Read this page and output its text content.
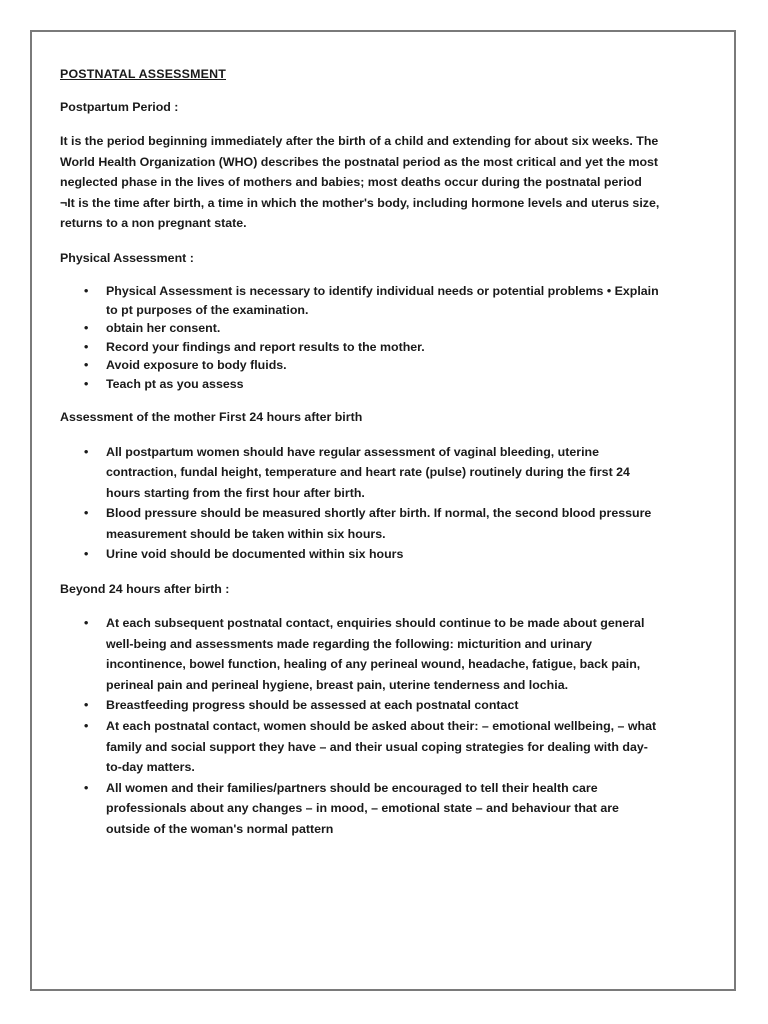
POSTNATAL ASSESSMENT
Postpartum Period :

It is the period beginning immediately after the birth of a child and extending for about six weeks. The World Health Organization (WHO) describes the postnatal period as the most critical and yet the most neglected phase in the lives of mothers and babies; most deaths occur during the postnatal period ¬It is the time after birth, a time in which the mother's body, including hormone levels and uterus size, returns to a non pregnant state.

Physical Assessment :
• Physical Assessment is necessary to identify individual needs or potential problems • Explain to pt purposes of the examination.
• obtain her consent.
• Record your findings and report results to the mother.
• Avoid exposure to body fluids.
• Teach pt as you assess
Assessment of the mother First 24 hours after birth
• All postpartum women should have regular assessment of vaginal bleeding, uterine contraction, fundal height, temperature and heart rate (pulse) routinely during the first 24 hours starting from the first hour after birth.
• Blood pressure should be measured shortly after birth. If normal, the second blood pressure measurement should be taken within six hours.
• Urine void should be documented within six hours
Beyond 24 hours after birth :
• At each subsequent postnatal contact, enquiries should continue to be made about general well-being and assessments made regarding the following: micturition and urinary incontinence, bowel function, healing of any perineal wound, headache, fatigue, back pain, perineal pain and perineal hygiene, breast pain, uterine tenderness and lochia.
• Breastfeeding progress should be assessed at each postnatal contact
• At each postnatal contact, women should be asked about their: – emotional wellbeing, – what family and social support they have – and their usual coping strategies for dealing with day-to-day matters.
• All women and their families/partners should be encouraged to tell their health care professionals about any changes – in mood, – emotional state – and behaviour that are outside of the woman's normal pattern
